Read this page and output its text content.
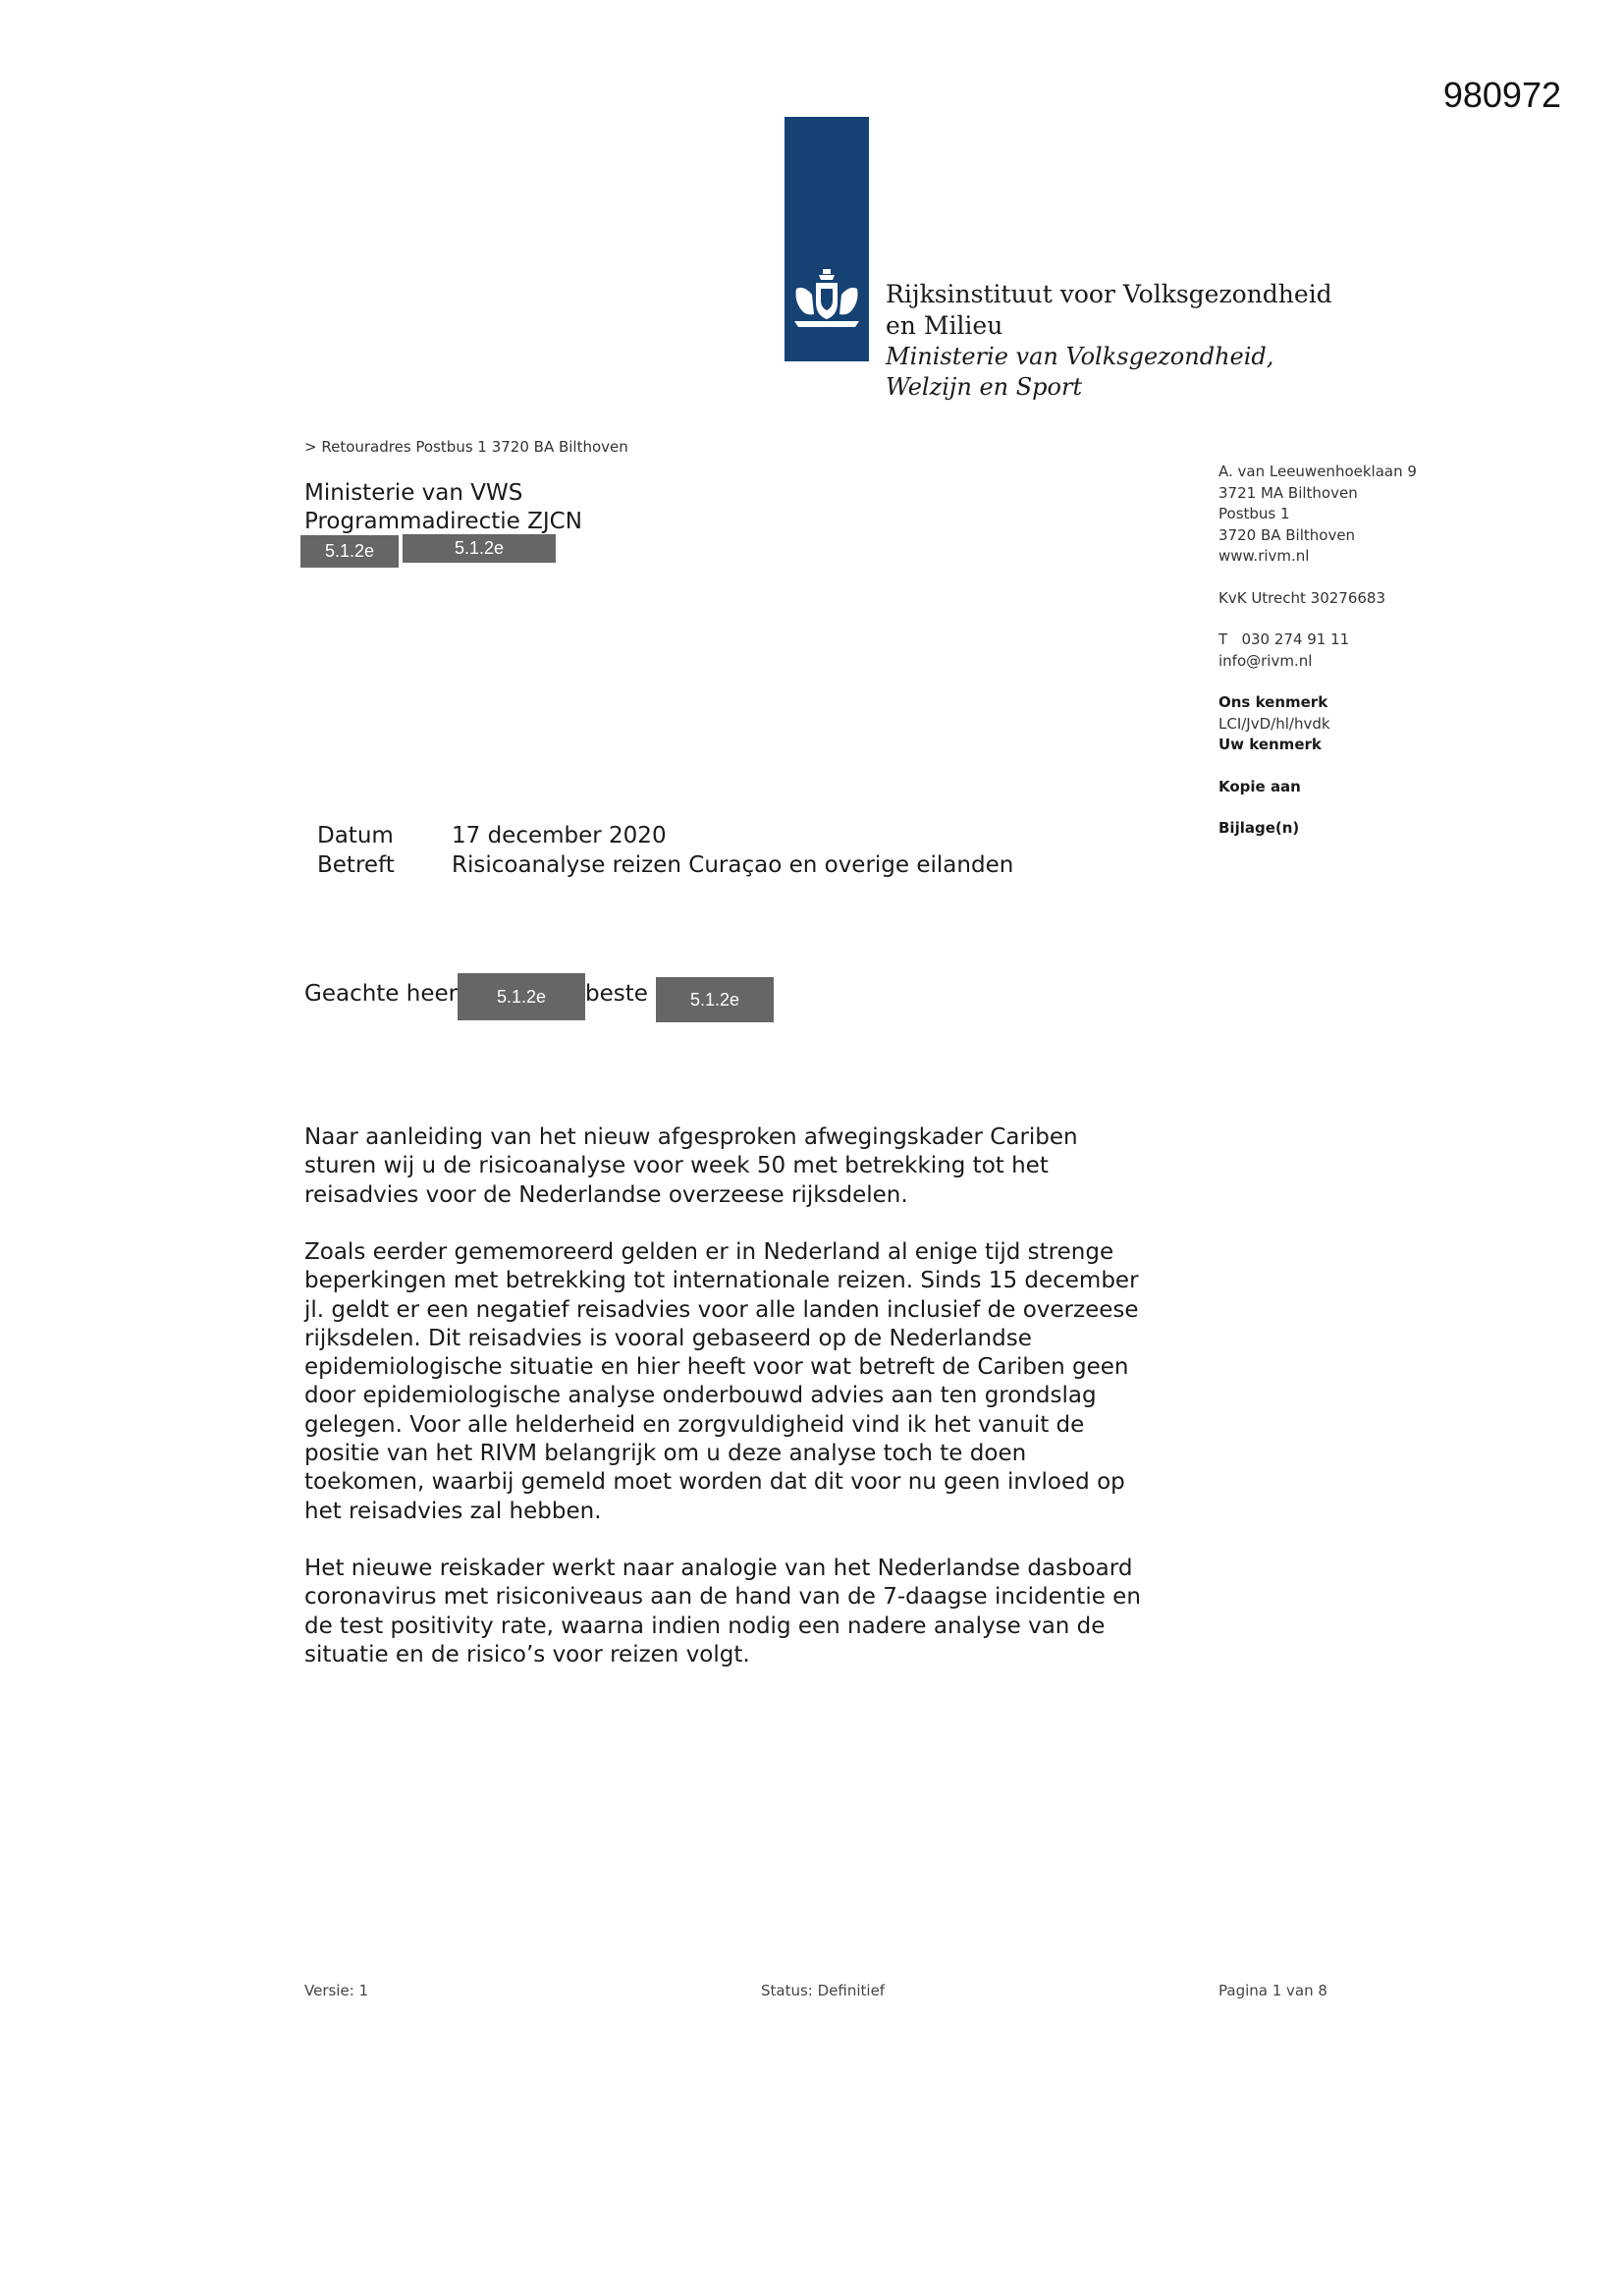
980972
Rijksinstituut voor Volksgezondheid
en Milieu
Ministerie van Volksgezondheid,
Welzijn en Sport
> Retouradres Postbus 1 3720 BA Bilthoven
Ministerie van VWS
Programmadirectie ZJCN
5.1.2e	5.1.2e
A. van Leeuwenhoeklaan 9
3721 MA Bilthoven
Postbus 1
3720 BA Bilthoven
www.rivm.nl
KvK Utrecht 30276683
T   030 274 91 11
info@rivm.nl
Ons kenmerk
LCI/JvD/hl/hvdk
Uw kenmerk
Kopie aan
Bijlage(n)
Datum	17 december 2020
Betreft	Risicoanalyse reizen Curaçao en overige eilanden
Geachte heer	5.1.2e	beste	5.1.2e

Naar aanleiding van het nieuw afgesproken afwegingskader Cariben

sturen wij u de risicoanalyse voor week 50 met betrekking tot het

reisadvies voor de Nederlandse overzeese rijksdelen.

Zoals eerder gememoreerd gelden er in Nederland al enige tijd strenge

beperkingen met betrekking tot internationale reizen. Sinds 15 december

jl. geldt er een negatief reisadvies voor alle landen inclusief de overzeese

rijksdelen. Dit reisadvies is vooral gebaseerd op de Nederlandse

epidemiologische situatie en hier heeft voor wat betreft de Cariben geen

door epidemiologische analyse onderbouwd advies aan ten grondslag

gelegen. Voor alle helderheid en zorgvuldigheid vind ik het vanuit de

positie van het RIVM belangrijk om u deze analyse toch te doen

toekomen, waarbij gemeld moet worden dat dit voor nu geen invloed op

het reisadvies zal hebben.

Het nieuwe reiskader werkt naar analogie van het Nederlandse dasboard

coronavirus met risiconiveaus aan de hand van de 7-daagse incidentie en

de test positivity rate, waarna indien nodig een nadere analyse van de

situatie en de risico’s voor reizen volgt.

Versie: 1	Status: Definitief	Pagina 1 van 8
